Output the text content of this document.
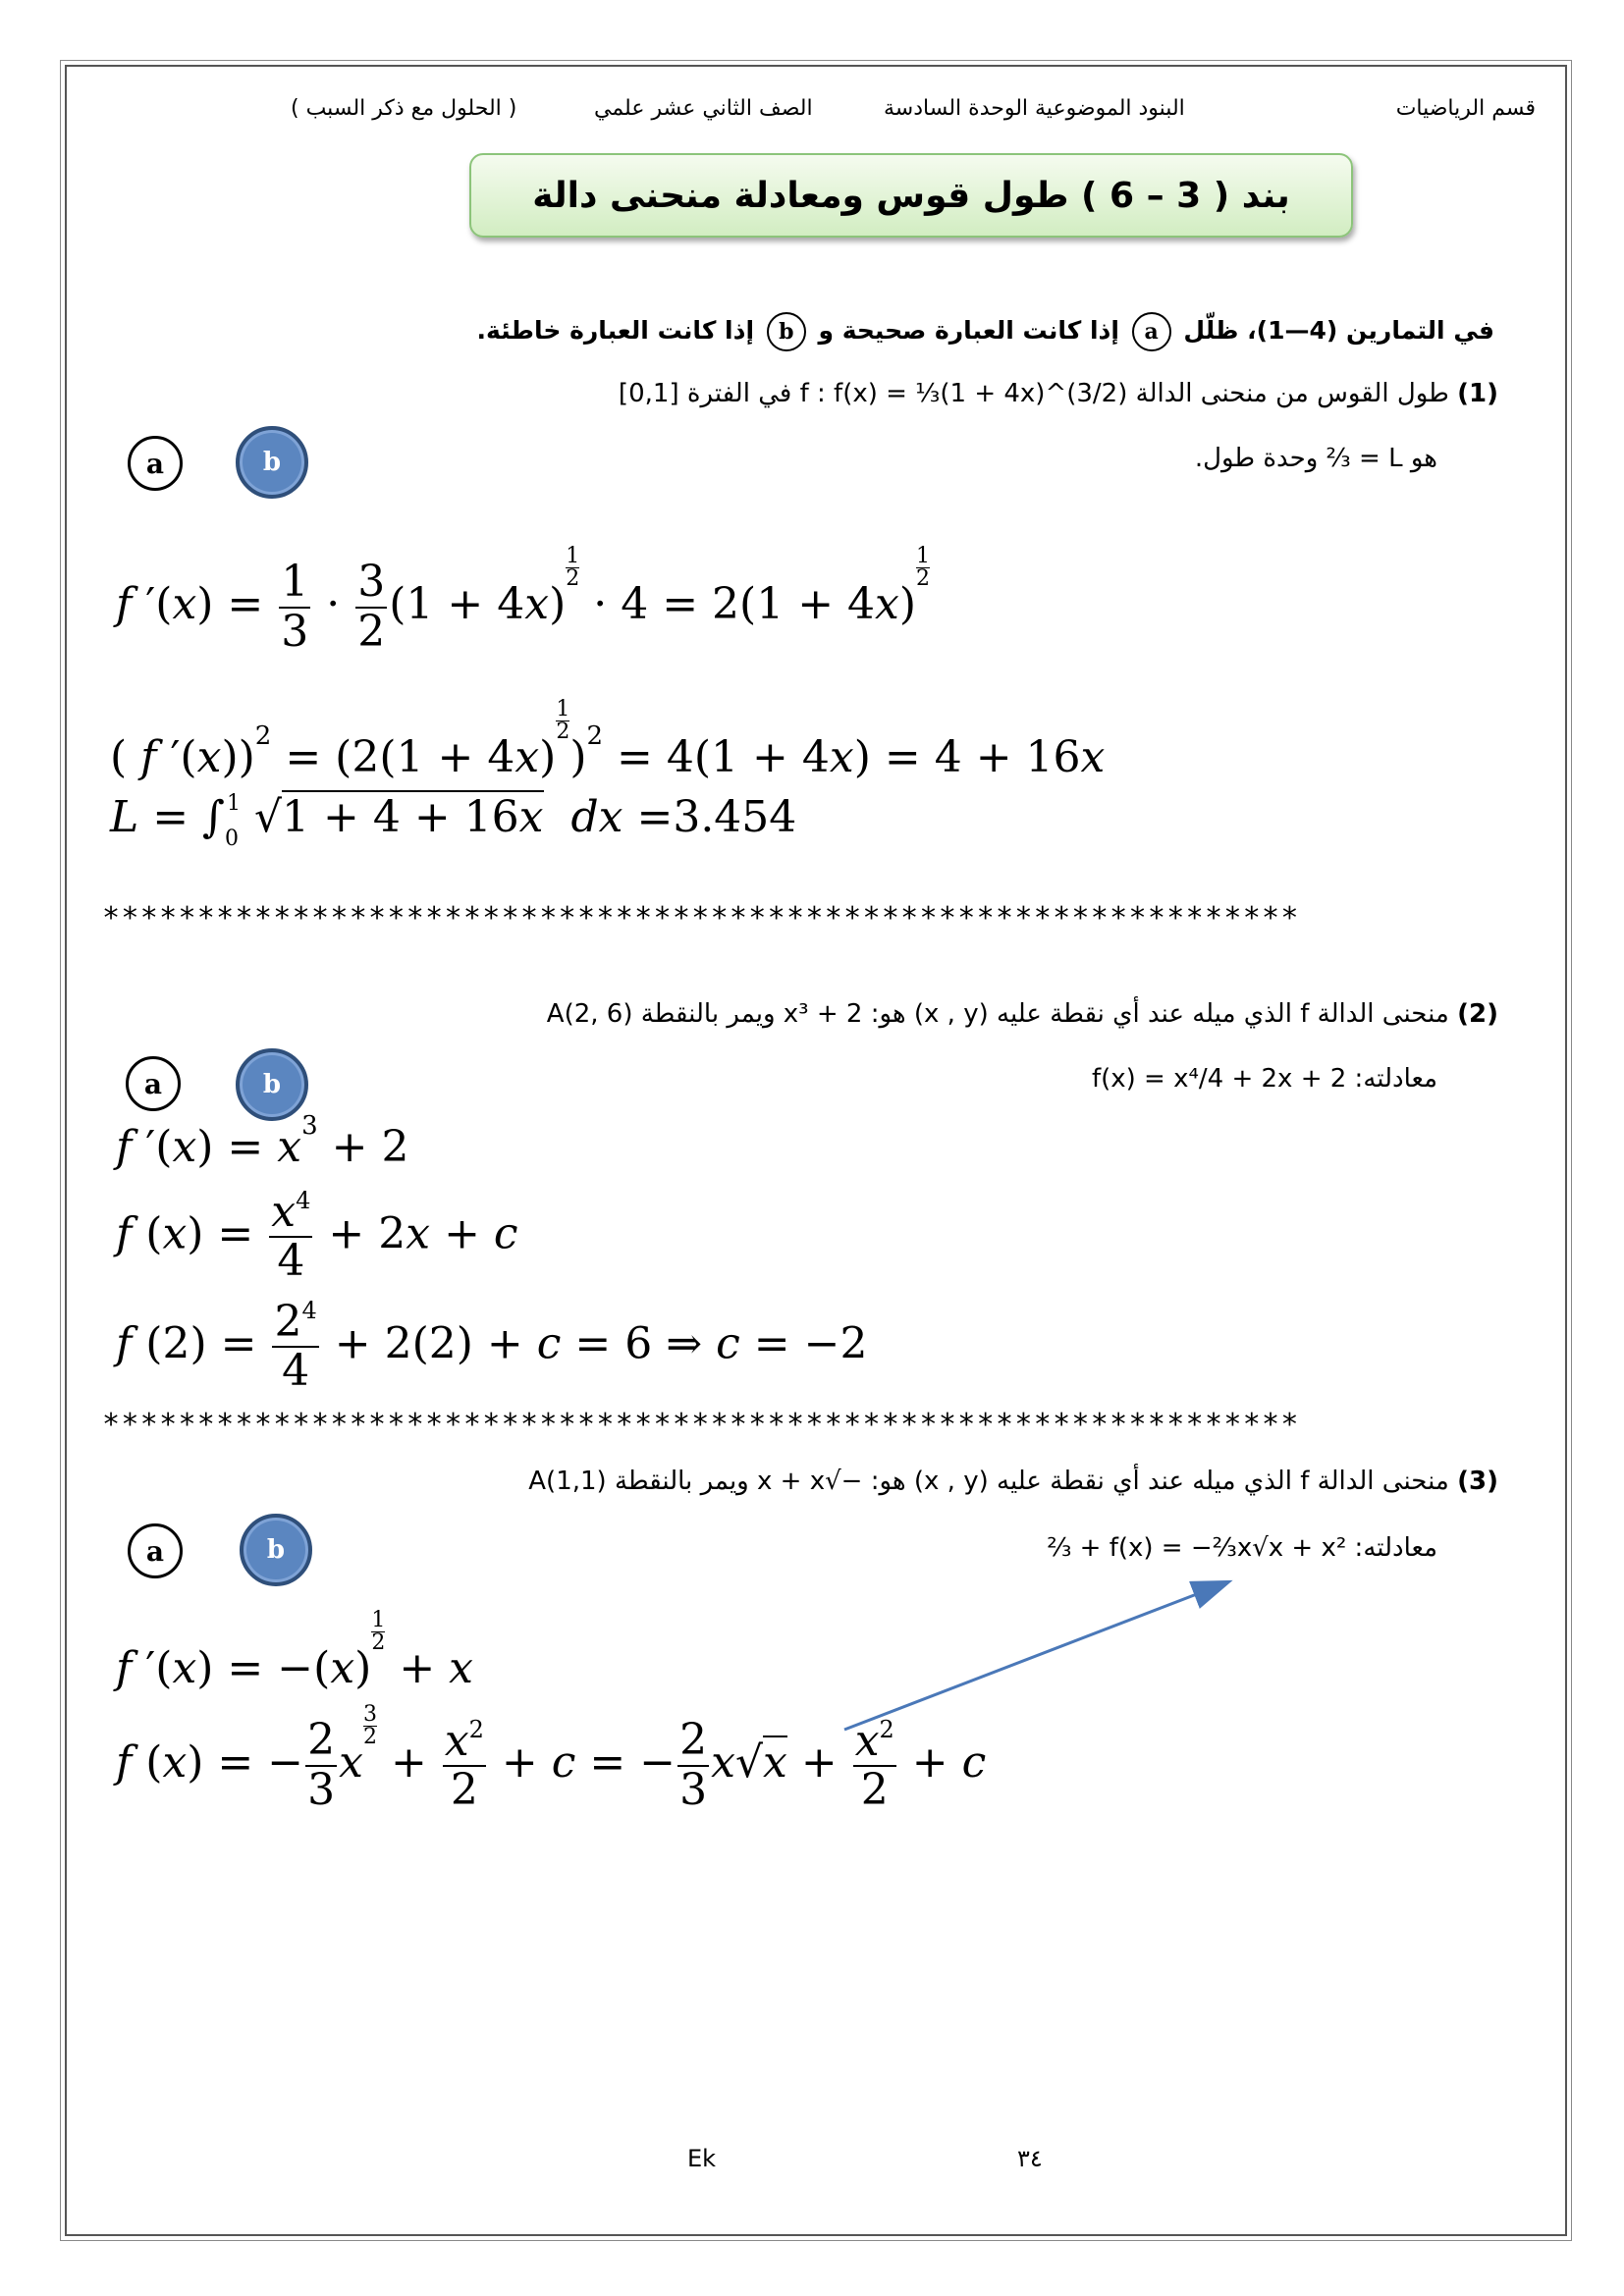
قسم الرياضيات
البنود الموضوعية الوحدة السادسة
الصف الثاني عشر علمي
( الحلول مع ذكر السبب )
بند ( 3 – 6 ) طول قوس ومعادلة منحنى دالة
في التمارين (4—1)، ظلّل a إذا كانت العبارة صحيحة و b إذا كانت العبارة خاطئة.
(1) طول القوس من منحنى الدالة f : f(x) = ⅓(1 + 4x)^(3/2) في الفترة [0,1]
هو L = ⅔ وحدة طول.
a	b
f $'(x) = \frac{1}{3} \cdot \frac{3}{2} (1 + 4x)$
$\frac{1}{2}$
· 4 = 2(1 + 4x)
$\frac{1}{2}$
( f ′(x))$^2$ = (2(1 + 4x)
$\frac{1}{2}$
)$^2$ = 4(1 + 4x) = 4 + 16x
$L = \int_0^1$ √1 + 4 + 16x dx =3.454
***************************************************************
(2) منحنى الدالة f الذي ميله عند أي نقطة عليه (x , y) هو: x³ + 2 ويمر بالنقطة A(2, 6)
معادلته: f(x) = x⁴/4 + 2x + 2
a	b
f $'(x) = x^3 + 2$
f $(x) = \frac{x^4}{4} + 2x + c$
f $(2) = \frac{2^4}{4} + 2(2) + c = 6$ ⇒ c = −2
***************************************************************
(3) منحنى الدالة f الذي ميله عند أي نقطة عليه (x , y) هو: −√x + x ويمر بالنقطة A(1,1)
معادلته: f(x) = −⅔x√x + x² + ⅔
a	b
f ′(x) = −(x)
$\frac{1}{2}$
+ x
f (x) = − $\frac{2}{3}$ x
$\frac{3}{2}$
+ $\frac{x^2}{2} + c$ = − $\frac{2}{3} x√x + \frac{x^2}{2} + c$
Ek	٣٤
